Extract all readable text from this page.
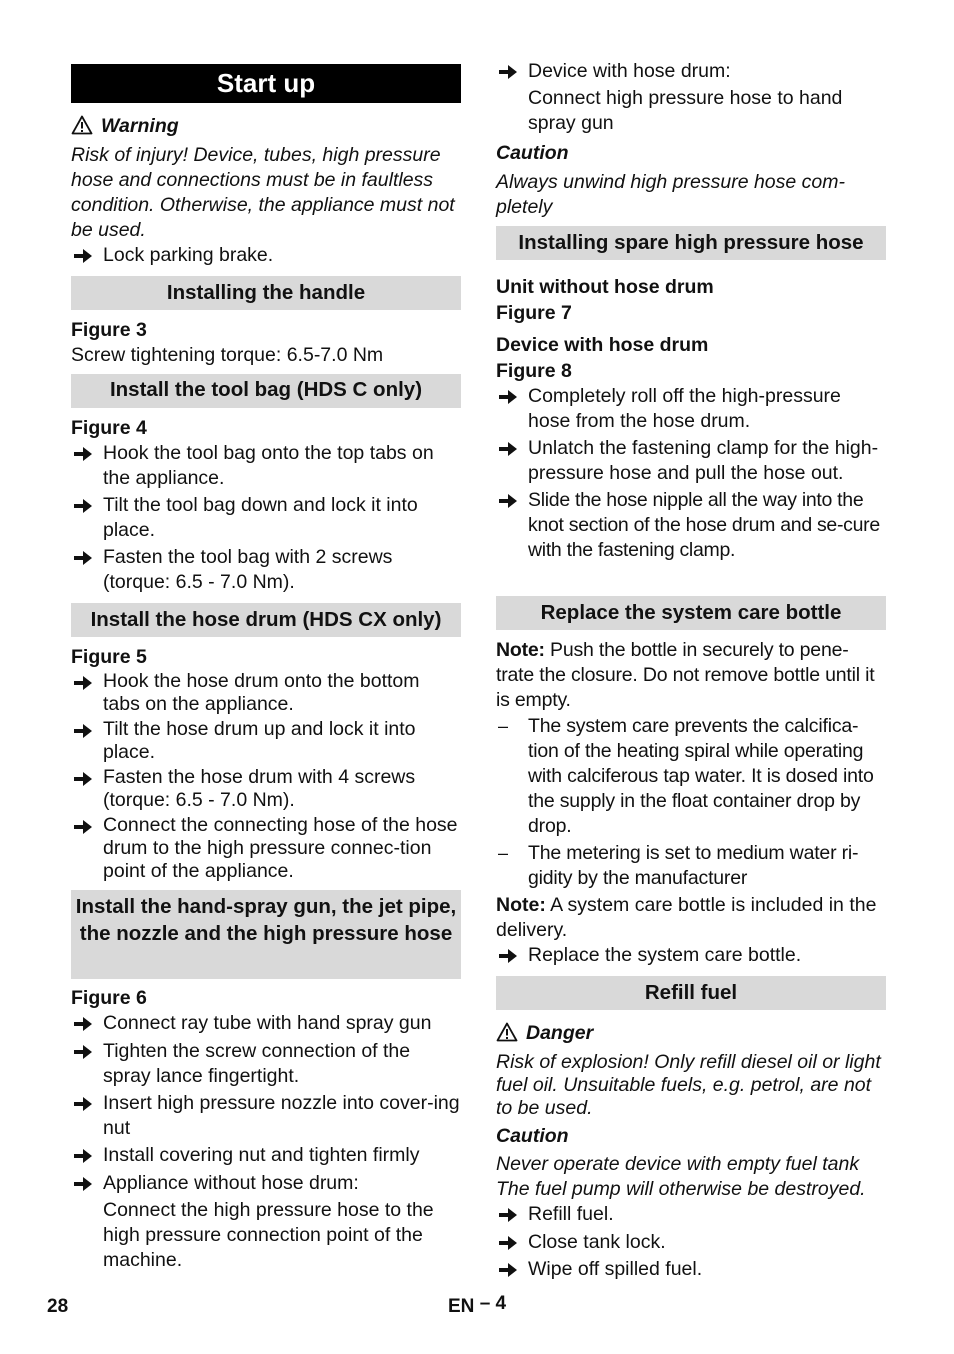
Start up
Warning

Risk of injury! Device, tubes, high pressure hose and connections must be in faultless condition. Otherwise, the appliance must not be used.

Lock parking brake.
Installing the handle

Figure 3

Screw tightening torque: 6.5-7.0 Nm

Install the tool bag (HDS C only)

Figure 4

Hook the tool bag onto the top tabs on the appliance.
Tilt the tool bag down and lock it into place.
Fasten the tool bag with 2 screws (torque: 6.5 - 7.0 Nm).
Install the hose drum (HDS CX only)

Figure 5

Hook the hose drum onto the bottom tabs on the appliance.
Tilt the hose drum up and lock it into place.
Fasten the hose drum with 4 screws (torque: 6.5 - 7.0 Nm).
Connect the connecting hose of the hose drum to the high pressure connec-tion point of the appliance.
Install the hand-spray gun, the jet pipe, the nozzle and the high pressure hose

Figure 6

Connect ray tube with hand spray gun
Tighten the screw connection of the spray lance fingertight.
Insert high pressure nozzle into cover-ing nut
Install covering nut and tighten firmly
Appliance without hose drum:
Connect the high pressure hose to the high pressure connection point of the machine.
Device with hose drum:

Connect high pressure hose to hand spray gun

Caution

Always unwind high pressure hose com-pletely

Installing spare high pressure hose

Unit without hose drum

Figure 7

Device with hose drum

Figure 8

Completely roll off the high-pressure hose from the hose drum.
Unlatch the fastening clamp for the high-pressure hose and pull the hose out.
Slide the hose nipple all the way into the knot section of the hose drum and se-cure with the fastening clamp.
Replace the system care bottle

Note: Push the bottle in securely to pene-trate the closure. Do not remove bottle until it is empty.

– The system care prevents the calcifica-tion of the heating spiral while operating with calciferous tap water. It is dosed into the supply in the float container drop by drop.
– The metering is set to medium water ri-gidity by the manufacturer

Note: A system care bottle is included in the delivery.

Replace the system care bottle.
Refill fuel
Danger

Risk of explosion! Only refill diesel oil or light fuel oil. Unsuitable fuels, e.g. petrol, are not to be used.

Caution

Never operate device with empty fuel tank The fuel pump will otherwise be destroyed.

Refill fuel.
Close tank lock.
Wipe off spilled fuel.
28	EN – 4
